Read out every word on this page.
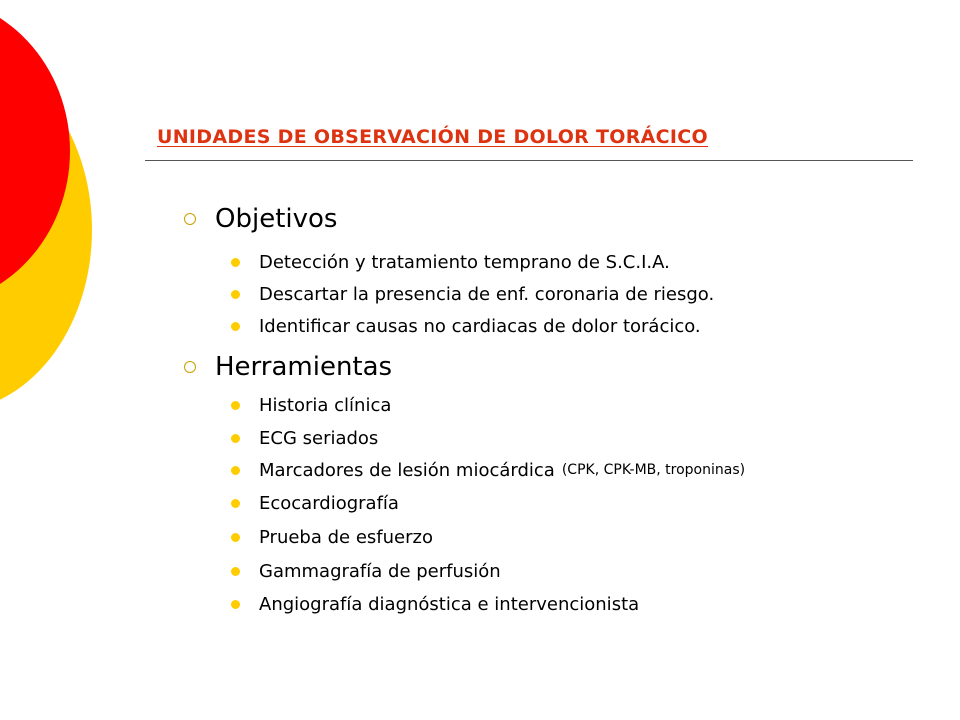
UNIDADES DE OBSERVACIÓN DE DOLOR TORÁCICO
Objetivos
Detección y tratamiento temprano de S.C.I.A.
Descartar la presencia de enf. coronaria de riesgo.
Identificar causas no cardiacas de dolor torácico.
Herramientas
Historia clínica
ECG seriados
Marcadores de lesión miocárdica (CPK, CPK-MB, troponinas)
Ecocardiografía
Prueba de esfuerzo
Gammagrafía de perfusión
Angiografía diagnóstica e intervencionista
